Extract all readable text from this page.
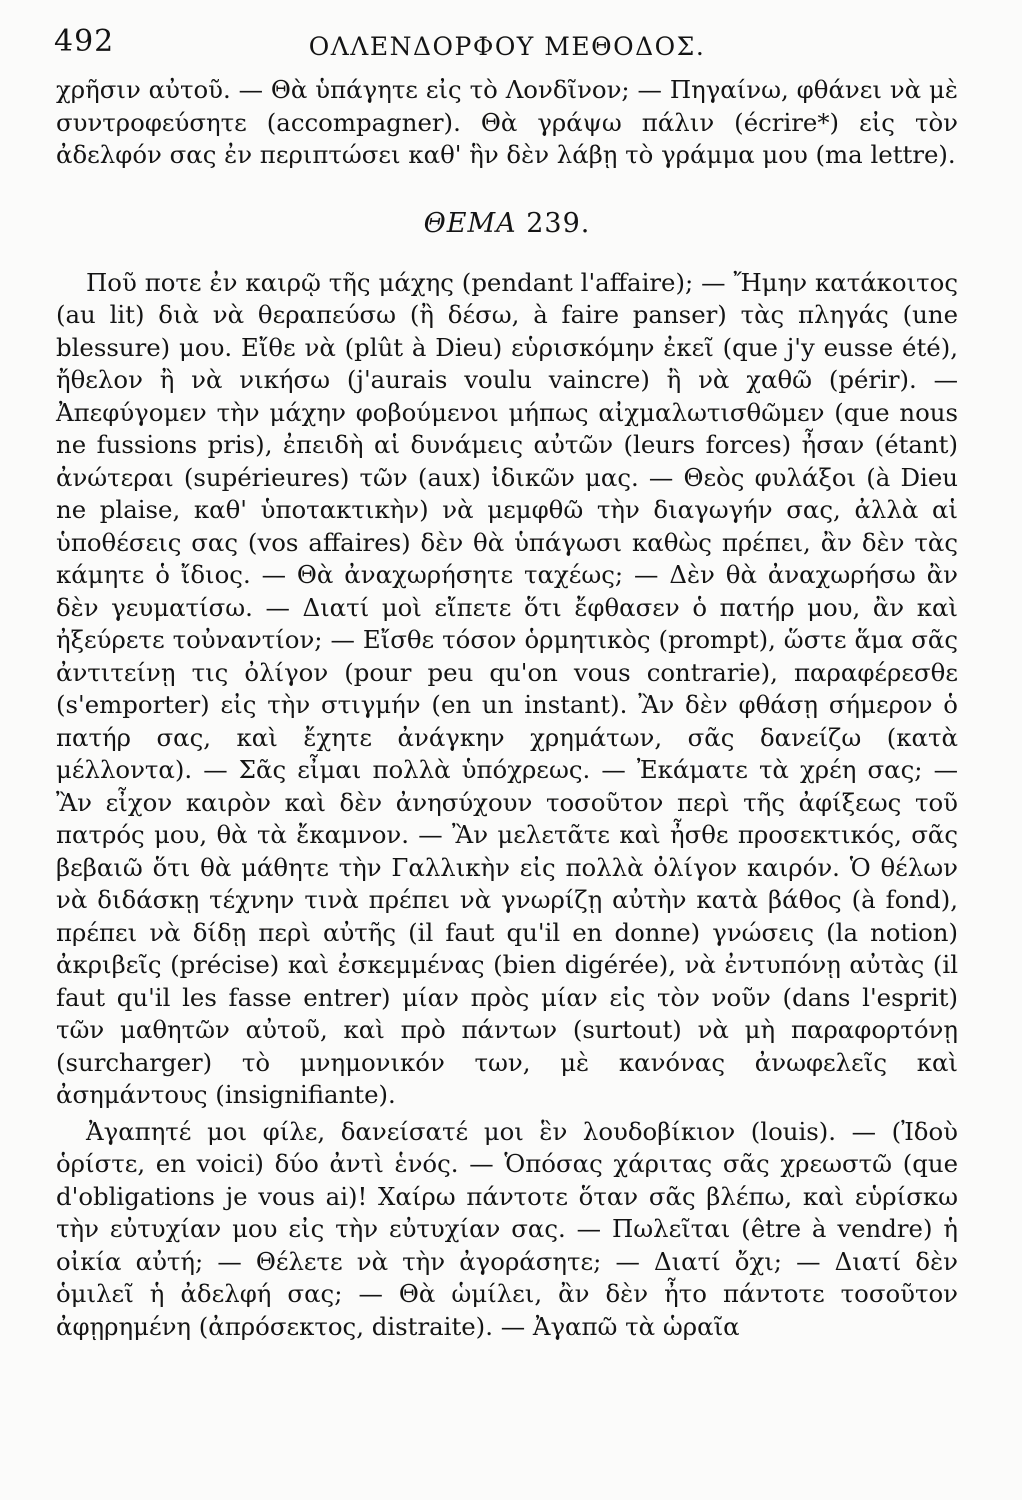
492	ΟΛΛΕΝΔΟΡΦΟΥ ΜΕΘΟΔΟΣ.

χρῆσιν αὐτοῦ. — Θὰ ὑπάγητε εἰς τὸ Λονδῖνον; — Πηγαίνω, φθάνει νὰ μὲ συντροφεύσητε (accompagner). Θὰ γράψω πάλιν (écrire*) εἰς τὸν ἀδελφόν σας ἐν περιπτώσει καθ' ἣν δὲν λάβῃ τὸ γράμμα μου (ma lettre).

ΘΕΜΑ 239.

Ποῦ ποτε ἐν καιρῷ τῆς μάχης (pendant l'affaire); — Ἤμην κατάκοιτος (au lit) διὰ νὰ θεραπεύσω (ἢ δέσω, à faire panser) τὰς πληγάς (une blessure) μου. Εἴθε νὰ (plût à Dieu) εὑρισκόμην ἐκεῖ (que j'y eusse été), ἤθελον ἢ νὰ νικήσω (j'aurais voulu vaincre) ἢ νὰ χαθῶ (périr). — Ἀπεφύγομεν τὴν μάχην φοβούμενοι μήπως αἰχμαλωτισθῶμεν (que nous ne fussions pris), ἐπειδὴ αἱ δυνάμεις αὐτῶν (leurs forces) ἦσαν (étant) ἀνώτεραι (supérieures) τῶν (aux) ἰδικῶν μας. — Θεὸς φυλάξοι (à Dieu ne plaise, καθ' ὑποτακτικὴν) νὰ μεμφθῶ τὴν διαγωγήν σας, ἀλλὰ αἱ ὑποθέσεις σας (vos affaires) δὲν θὰ ὑπάγωσι καθὼς πρέπει, ἂν δὲν τὰς κάμητε ὁ ἴδιος. — Θὰ ἀναχωρήσητε ταχέως; — Δὲν θὰ ἀναχωρήσω ἂν δὲν γευματίσω. — Διατί μοὶ εἴπετε ὅτι ἔφθασεν ὁ πατήρ μου, ἂν καὶ ἠξεύρετε τοὐναντίον; — Εἴσθε τόσον ὁρμητικὸς (prompt), ὥστε ἅμα σᾶς ἀντιτείνῃ τις ὀλίγον (pour peu qu'on vous contrarie), παραφέρεσθε (s'emporter) εἰς τὴν στιγμήν (en un instant). Ἂν δὲν φθάσῃ σήμερον ὁ πατήρ σας, καὶ ἔχητε ἀνάγκην χρημάτων, σᾶς δανείζω (κατὰ μέλλοντα). — Σᾶς εἶμαι πολλὰ ὑπόχρεως. — Ἐκάματε τὰ χρέη σας; — Ἂν εἶχον καιρὸν καὶ δὲν ἀνησύχουν τοσοῦτον περὶ τῆς ἀφίξεως τοῦ πατρός μου, θὰ τὰ ἔκαμνον. — Ἂν μελετᾶτε καὶ ἦσθε προσεκτικός, σᾶς βεβαιῶ ὅτι θὰ μάθητε τὴν Γαλλικὴν εἰς πολλὰ ὀλίγον καιρόν. Ὁ θέλων νὰ διδάσκῃ τέχνην τινὰ πρέπει νὰ γνωρίζῃ αὐτὴν κατὰ βάθος (à fond), πρέπει νὰ δίδῃ περὶ αὐτῆς (il faut qu'il en donne) γνώσεις (la notion) ἀκριβεῖς (précise) καὶ ἐσκεμμένας (bien digérée), νὰ ἐντυπόνῃ αὐτὰς (il faut qu'il les fasse entrer) μίαν πρὸς μίαν εἰς τὸν νοῦν (dans l'esprit) τῶν μαθητῶν αὐτοῦ, καὶ πρὸ πάντων (surtout) νὰ μὴ παραφορτόνῃ (surcharger) τὸ μνημονικόν των, μὲ κανόνας ἀνωφελεῖς καὶ ἀσημάντους (insignifiante).

Ἀγαπητέ μοι φίλε, δανείσατέ μοι ἓν λουδοβίκιον (louis). — (Ἰδοὺ ὁρίστε, en voici) δύο ἀντὶ ἑνός. — Ὁπόσας χάριτας σᾶς χρεωστῶ (que d'obligations je vous ai)! Χαίρω πάντοτε ὅταν σᾶς βλέπω, καὶ εὑρίσκω τὴν εὐτυχίαν μου εἰς τὴν εὐτυχίαν σας. — Πωλεῖται (être à vendre) ἡ οἰκία αὐτή; — Θέλετε νὰ τὴν ἀγοράσητε; — Διατί ὄχι; — Διατί δὲν ὁμιλεῖ ἡ ἀδελφή σας; — Θὰ ὡμίλει, ἂν δὲν ἦτο πάντοτε τοσοῦτον ἀφῃρημένη (ἀπρόσεκτος, distraite). — Ἀγαπῶ τὰ ὡραῖα
